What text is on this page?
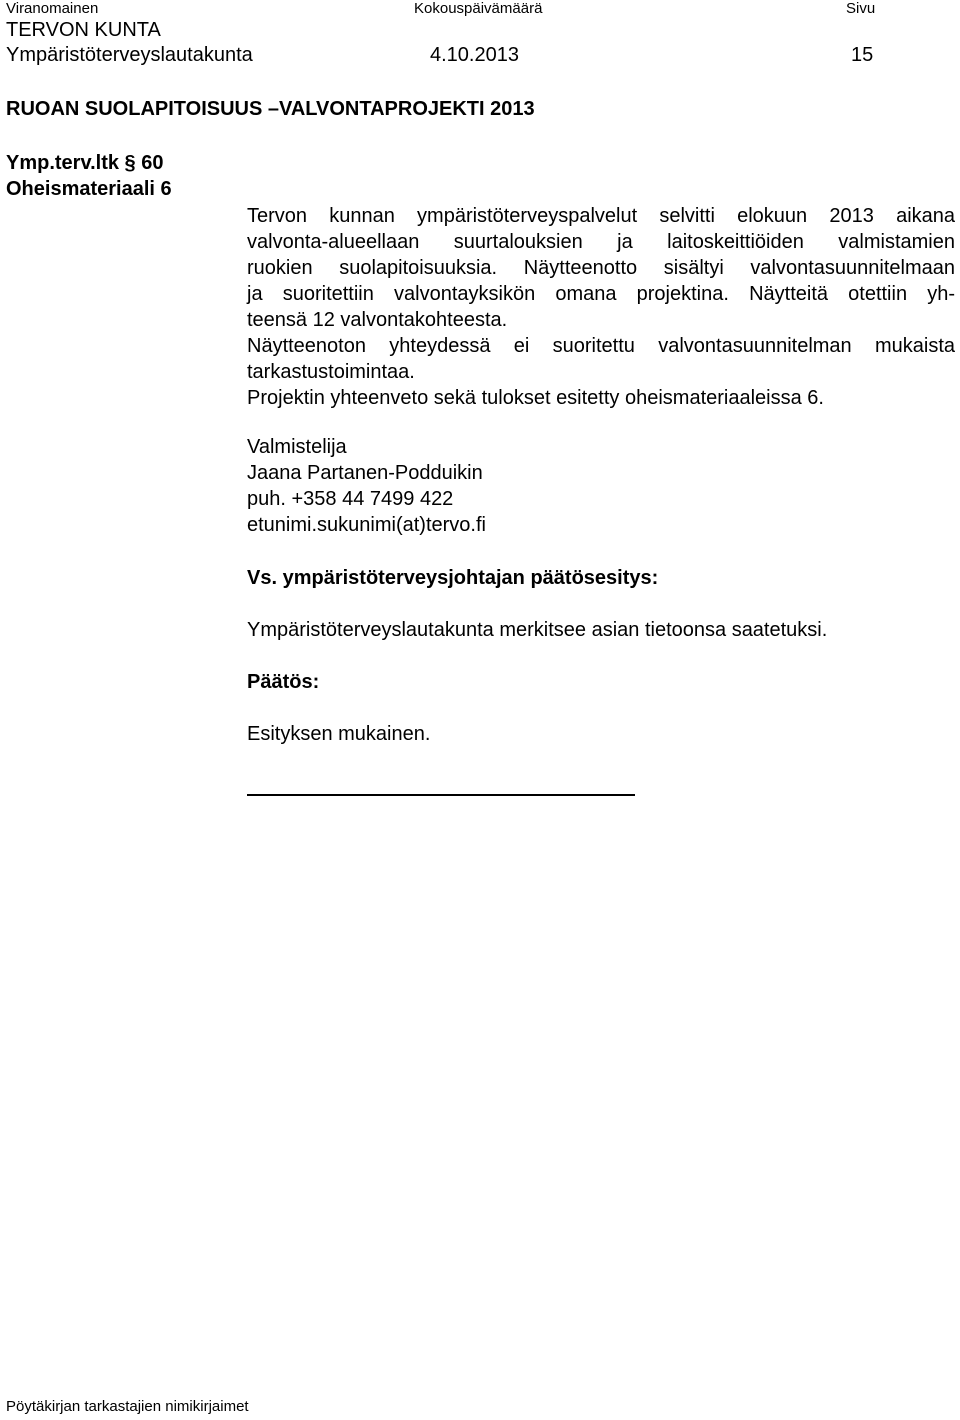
Viranomainen	Kokouspäivämäärä	Sivu
TERVON KUNTA
Ympäristöterveyslautakunta	4.10.2013	15
RUOAN SUOLAPITOISUUS –VALVONTAPROJEKTI 2013
Ymp.terv.ltk § 60
Oheismateriaali 6
Tervon kunnan ympäristöterveyspalvelut selvitti elokuun 2013 aikana
valvonta-alueellaan suurtalouksien ja laitoskeittiöiden valmistamien
ruokien suolapitoisuuksia. Näytteenotto sisältyi valvontasuunnitelmaan
ja suoritettiin valvontayksikön omana projektina. Näytteitä otettiin yh-
teensä 12 valvontakohteesta.
Näytteenoton yhteydessä ei suoritettu valvontasuunnitelman mukaista
tarkastustoimintaa.
Projektin yhteenveto sekä tulokset esitetty oheismateriaaleissa 6.
Valmistelija
Jaana Partanen-Podduikin
puh. +358 44 7499 422
etunimi.sukunimi(at)tervo.fi
Vs. ympäristöterveysjohtajan päätösesitys:
Ympäristöterveyslautakunta merkitsee asian tietoonsa saatetuksi.
Päätös:
Esityksen mukainen.
Pöytäkirjan tarkastajien nimikirjaimet
